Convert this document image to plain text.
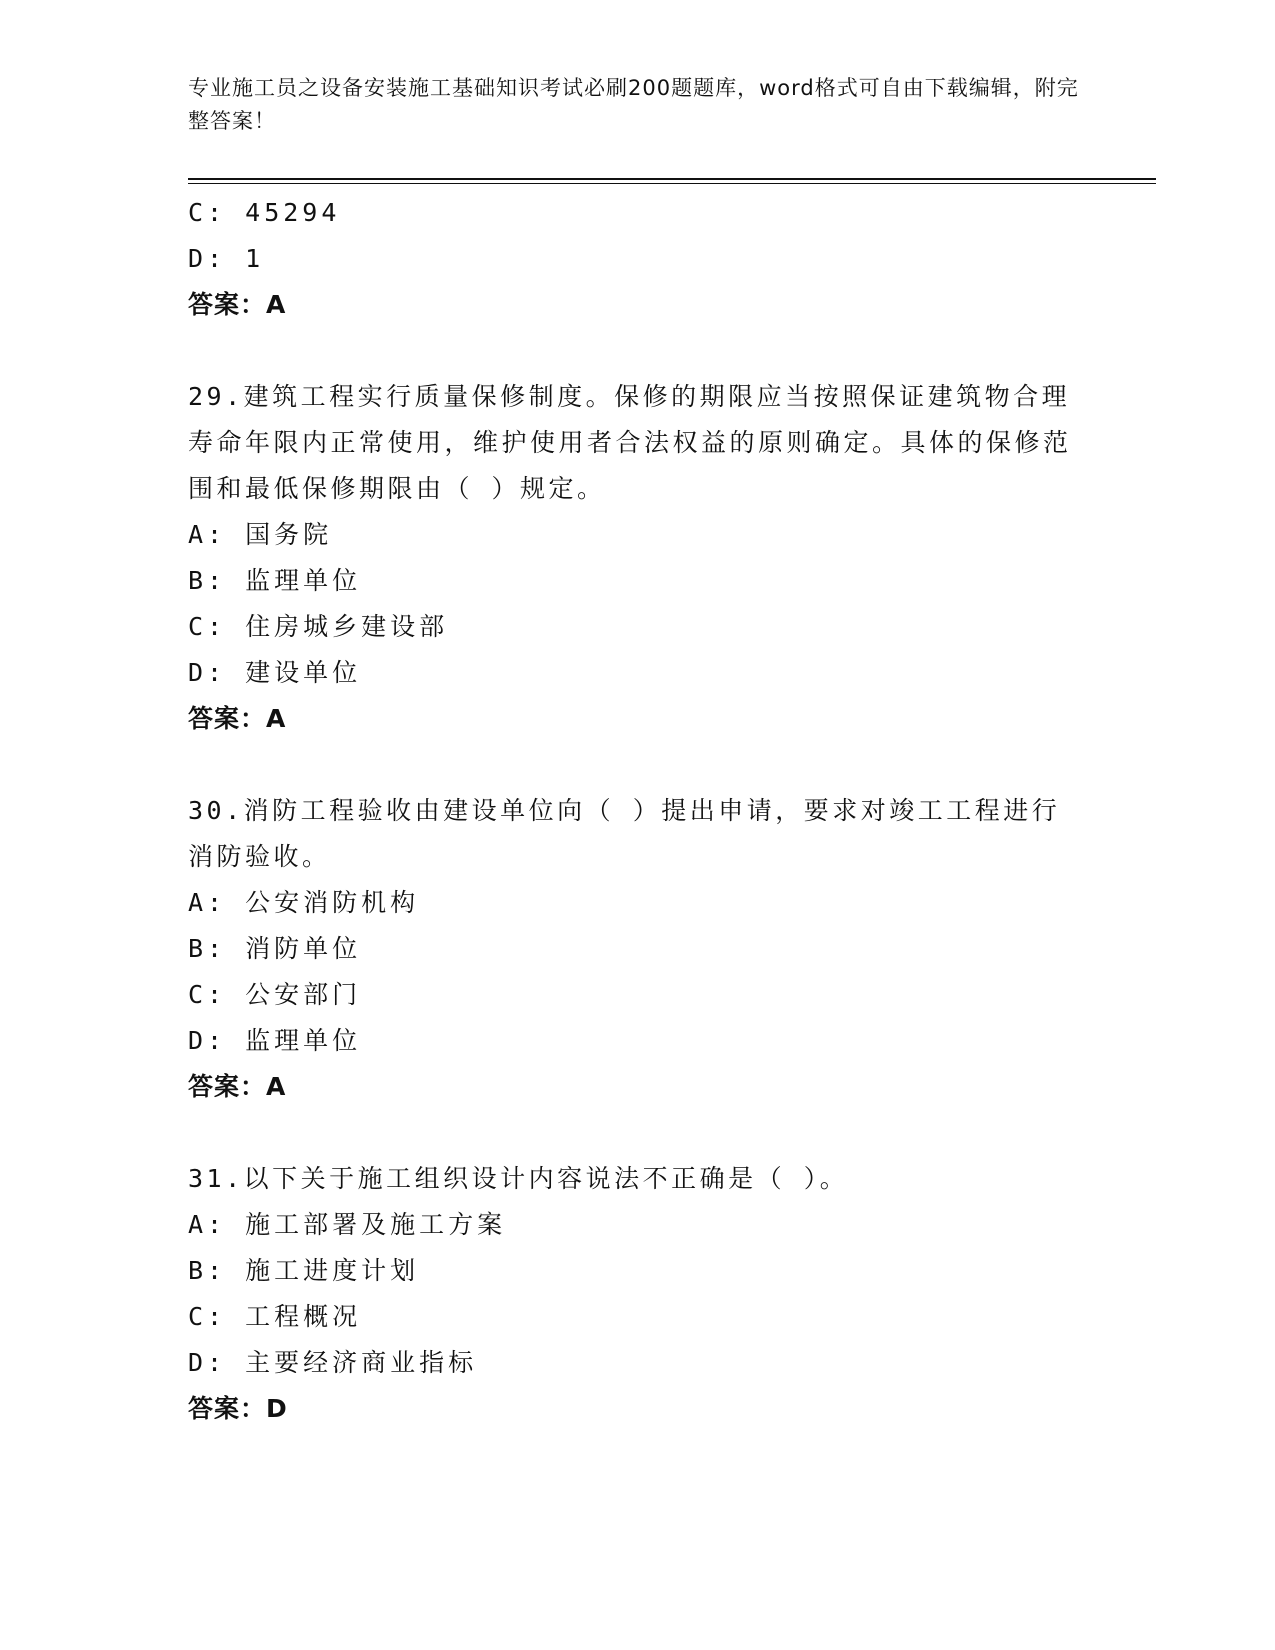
专业施工员之设备安装施工基础知识考试必刷200题题库，word格式可自由下载编辑，附完整答案！
C: 45294
D: 1
答案：A
29.建筑工程实行质量保修制度。保修的期限应当按照保证建筑物合理寿命年限内正常使用，维护使用者合法权益的原则确定。具体的保修范围和最低保修期限由（ ）规定。
A: 国务院
B: 监理单位
C: 住房城乡建设部
D: 建设单位
答案：A
30.消防工程验收由建设单位向（ ）提出申请，要求对竣工工程进行消防验收。
A: 公安消防机构
B: 消防单位
C: 公安部门
D: 监理单位
答案：A
31.以下关于施工组织设计内容说法不正确是（ ）。
A: 施工部署及施工方案
B: 施工进度计划
C: 工程概况
D: 主要经济商业指标
答案：D
